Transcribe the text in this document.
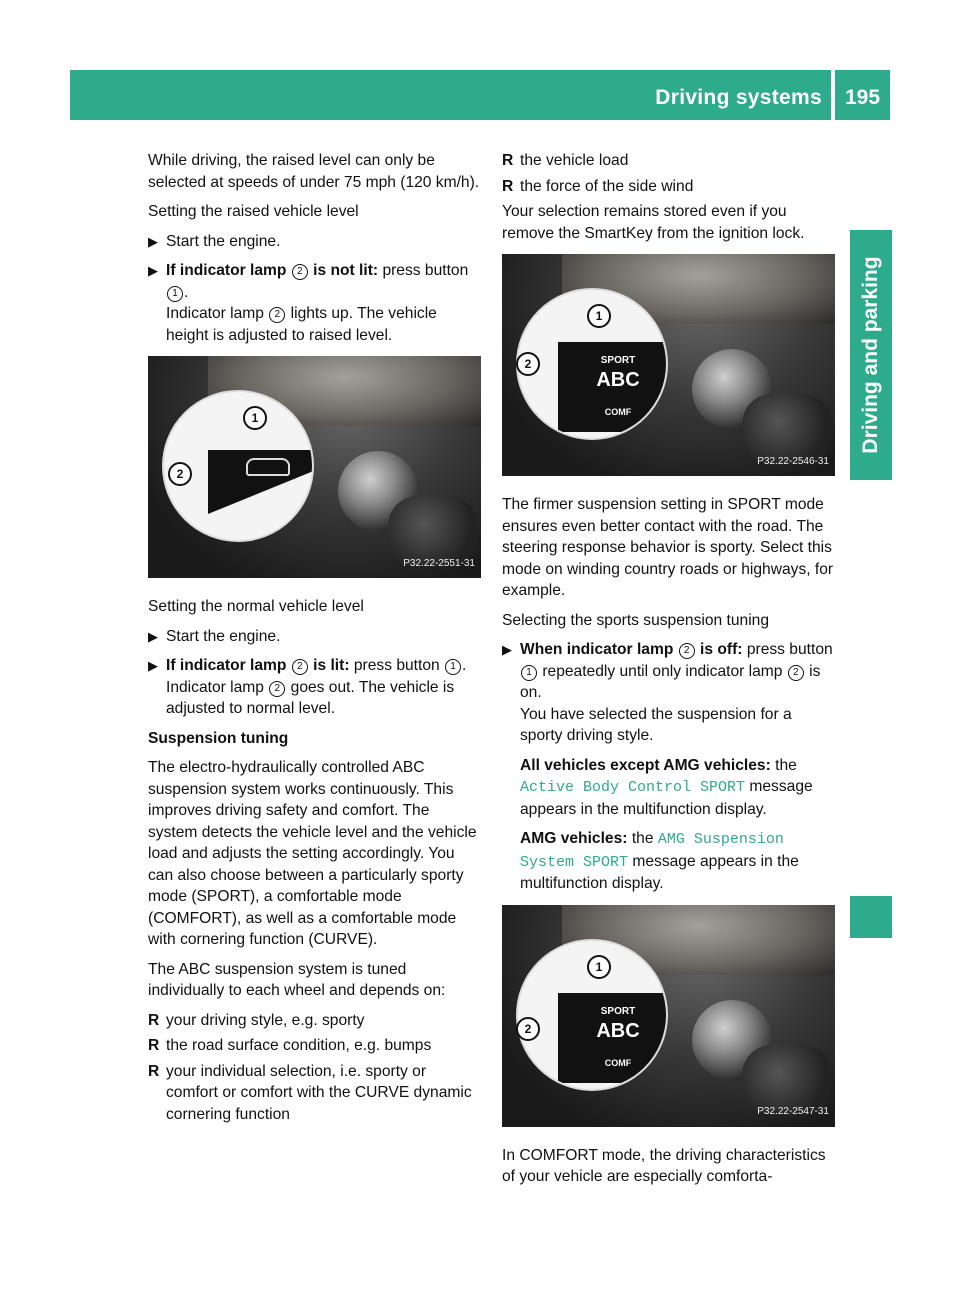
Driving systems	195
Driving and parking

While driving, the raised level can only be selected at speeds of under 75 mph (120 km/h).

Setting the raised vehicle level

▶ Start the engine.
▶ If indicator lamp 2 is not lit: press button 1 .
Indicator lamp 2 lights up. The vehicle height is adjusted to raised level.
1
2
P32.22-2551-31

Setting the normal vehicle level

▶ Start the engine.
▶ If indicator lamp 2 is lit: press button 1 .
Indicator lamp 2 goes out. The vehicle is adjusted to normal level.

Suspension tuning

The electro-hydraulically controlled ABC suspension system works continuously. This improves driving safety and comfort. The system detects the vehicle level and the vehicle load and adjusts the setting accordingly. You can also choose between a particularly sporty mode (SPORT), a comfortable mode (COMFORT), as well as a comfortable mode with cornering function (CURVE).

The ABC suspension system is tuned individually to each wheel and depends on:

R your driving style, e.g. sporty
R the road surface condition, e.g. bumps
R your individual selection, i.e. sporty or comfort or comfort with the CURVE dynamic cornering function
R the vehicle load
R the force of the side wind

Your selection remains stored even if you remove the SmartKey from the ignition lock.

SPORT
ABC
COMF
1
2
P32.22-2546-31

The firmer suspension setting in SPORT mode ensures even better contact with the road. The steering response behavior is sporty. Select this mode on winding country roads or highways, for example.

Selecting the sports suspension tuning

▶ When indicator lamp 2 is off: press button 1 repeatedly until only indicator lamp 2 is on.
You have selected the suspension for a sporty driving style.

All vehicles except AMG vehicles: the
Active Body Control SPORT message appears in the multifunction display.

AMG vehicles: the AMG Suspension System SPORT message appears in the multifunction display.

SPORT
ABC
COMF
1
2
P32.22-2547-31

In COMFORT mode, the driving characteristics of your vehicle are especially comforta-
